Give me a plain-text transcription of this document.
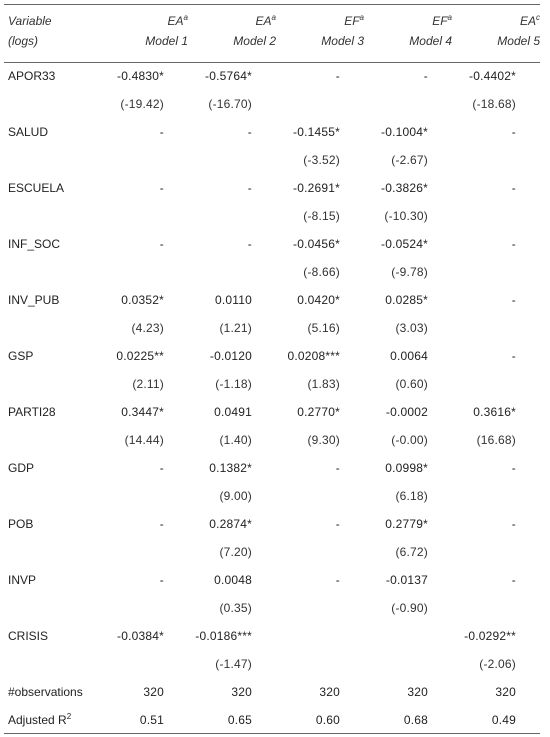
Variable	$EA^a$	$EA^a$	$EF^a$	$EF^a$	$EA^c$
(logs)	Model 1	Model 2	Model 3	Model 4	Model 5
APOR33	-0.4830*	-0.5764*	-	-	-0.4402*
	(-19.42)	(-16.70)			(-18.68)
SALUD	-	-	-0.1455*	-0.1004*	-
			(-3.52)	(-2.67)	
ESCUELA	-	-	-0.2691*	-0.3826*	-
			(-8.15)	(-10.30)	
INF_SOC	-	-	-0.0456*	-0.0524*	-
			(-8.66)	(-9.78)	
INV_PUB	0.0352*	0.0110	0.0420*	0.0285*	-
	(4.23)	(1.21)	(5.16)	(3.03)	
GSP	0.0225**	-0.0120	0.0208***	0.0064	-
	(2.11)	(-1.18)	(1.83)	(0.60)	
PARTI28	0.3447*	0.0491	0.2770*	-0.0002	0.3616*
	(14.44)	(1.40)	(9.30)	(-0.00)	(16.68)
GDP	-	0.1382*	-	0.0998*	-
		(9.00)		(6.18)	
POB	-	0.2874*	-	0.2779*	-
		(7.20)		(6.72)	
INVP	-	0.0048	-	-0.0137	-
		(0.35)		(-0.90)	
CRISIS	-0.0384*	-0.0186***			-0.0292**
		(-1.47)			(-2.06)
#observations	320	320	320	320	320
Adjusted $R^2$	0.51	0.65	0.60	0.68	0.49
